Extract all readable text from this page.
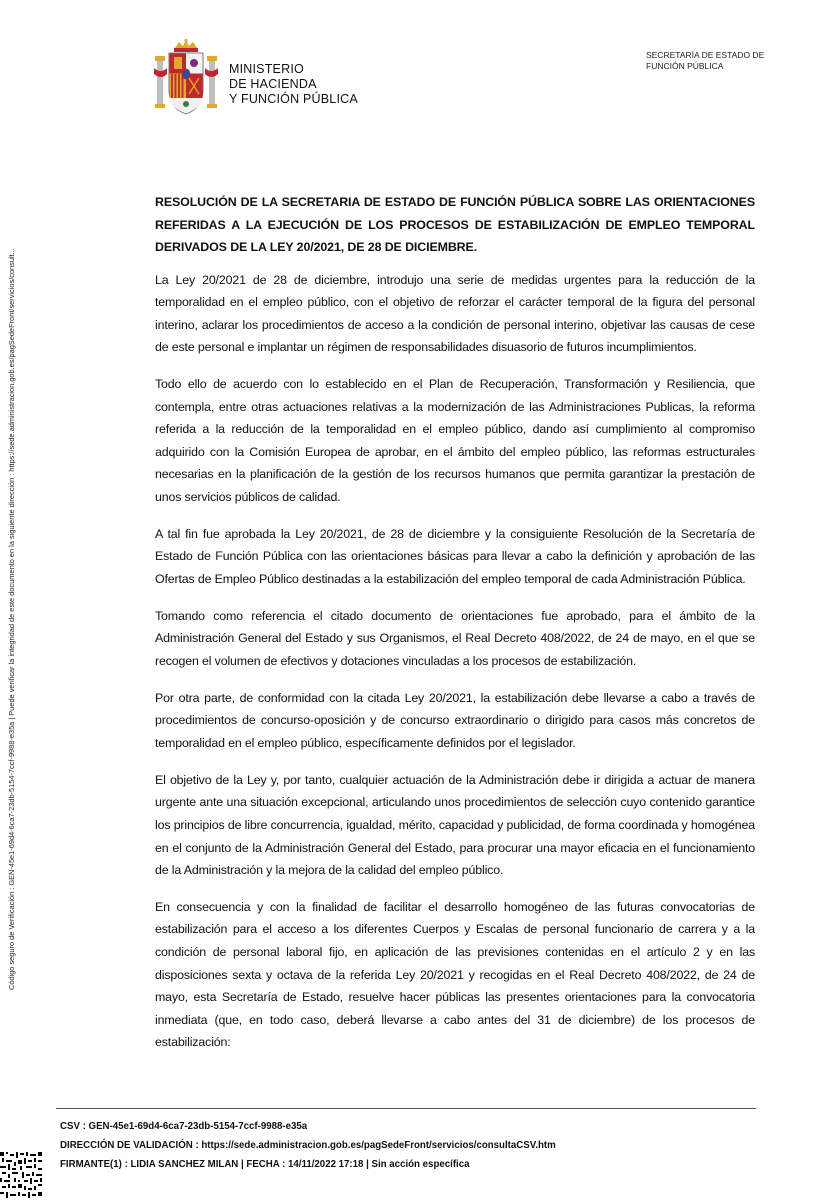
Código seguro de Verificación : GEN-45e1-69d4-6ca7-23db-5154-7ccf-9988-e35a | Puede verificar la integridad de este documento en la siguiente dirección : https://sede.administracion.gob.es/pagSedeFront/servicios/consult...
MINISTERIO
DE HACIENDA
Y FUNCIÓN PÚBLICA
SECRETARÍA DE ESTADO DE
FUNCIÓN PÚBLICA

RESOLUCIÓN DE LA SECRETARIA DE ESTADO DE FUNCIÓN PÚBLICA SOBRE LAS ORIENTACIONES REFERIDAS A LA EJECUCIÓN DE LOS PROCESOS DE ESTABILIZACIÓN DE EMPLEO TEMPORAL DERIVADOS DE LA LEY 20/2021, DE 28 DE DICIEMBRE.

La Ley 20/2021 de 28 de diciembre, introdujo una serie de medidas urgentes para la reducción de la temporalidad en el empleo público, con el objetivo de reforzar el carácter temporal de la figura del personal interino, aclarar los procedimientos de acceso a la condición de personal interino, objetivar las causas de cese de este personal e implantar un régimen de responsabilidades disuasorio de futuros incumplimientos.

Todo ello de acuerdo con lo establecido en el Plan de Recuperación, Transformación y Resiliencia, que contempla, entre otras actuaciones relativas a la modernización de las Administraciones Publicas, la reforma referida a la reducción de la temporalidad en el empleo público, dando así cumplimiento al compromiso adquirido con la Comisión Europea de aprobar, en el ámbito del empleo público, las reformas estructurales necesarias en la planificación de la gestión de los recursos humanos que permita garantizar la prestación de unos servicios públicos de calidad.

A tal fin fue aprobada la Ley 20/2021, de 28 de diciembre y la consiguiente Resolución de la Secretaría de Estado de Función Pública con las orientaciones básicas para llevar a cabo la definición y aprobación de las Ofertas de Empleo Público destinadas a la estabilización del empleo temporal de cada Administración Pública.

Tomando como referencia el citado documento de orientaciones fue aprobado, para el ámbito de la Administración General del Estado y sus Organismos, el Real Decreto 408/2022, de 24 de mayo, en el que se recogen el volumen de efectivos y dotaciones vinculadas a los procesos de estabilización.

Por otra parte, de conformidad con la citada Ley 20/2021, la estabilización debe llevarse a cabo a través de procedimientos de concurso-oposición y de concurso extraordinario o dirigido para casos más concretos de temporalidad en el empleo público, específicamente definidos por el legislador.

El objetivo de la Ley y, por tanto, cualquier actuación de la Administración debe ir dirigida a actuar de manera urgente ante una situación excepcional, articulando unos procedimientos de selección cuyo contenido garantice los principios de libre concurrencia, igualdad, mérito, capacidad y publicidad, de forma coordinada y homogénea en el conjunto de la Administración General del Estado, para procurar una mayor eficacia en el funcionamiento de la Administración y la mejora de la calidad del empleo público.

En consecuencia y con la finalidad de facilitar el desarrollo homogéneo de las futuras convocatorias de estabilización para el acceso a los diferentes Cuerpos y Escalas de personal funcionario de carrera y a la condición de personal laboral fijo, en aplicación de las previsiones contenidas en el artículo 2 y en las disposiciones sexta y octava de la referida Ley 20/2021 y recogidas en el Real Decreto 408/2022, de 24 de mayo, esta Secretaría de Estado, resuelve hacer públicas las presentes orientaciones para la convocatoria inmediata (que, en todo caso, deberá llevarse a cabo antes del 31 de diciembre) de los procesos de estabilización:

CSV : GEN-45e1-69d4-6ca7-23db-5154-7ccf-9988-e35a
DIRECCIÓN DE VALIDACIÓN : https://sede.administracion.gob.es/pagSedeFront/servicios/consultaCSV.htm
FIRMANTE(1) : LIDIA SANCHEZ MILAN | FECHA : 14/11/2022 17:18 | Sin acción específica
